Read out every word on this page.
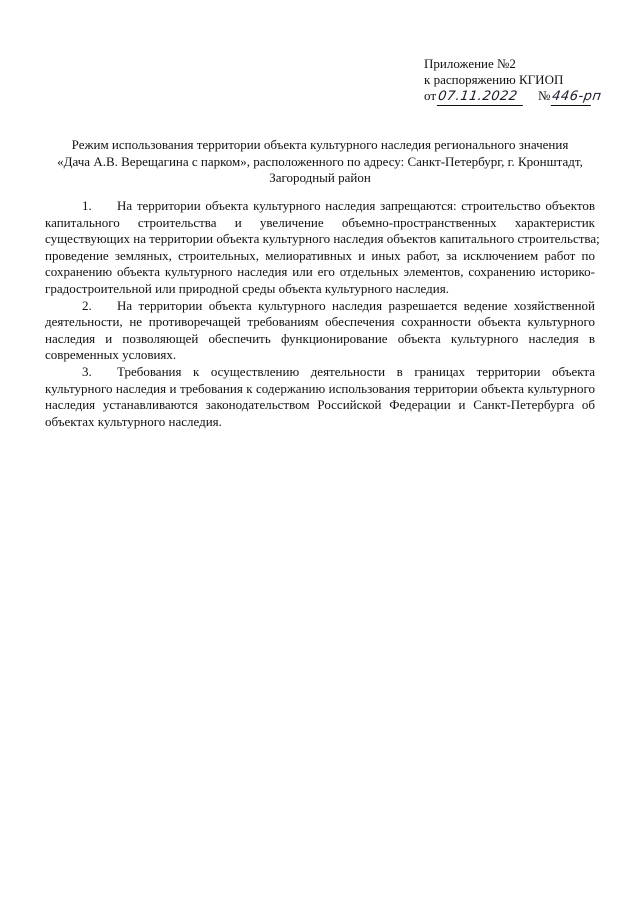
Приложение №2
к распоряжению КГИОП
от07.11.2022 №446-рп
Режим использования территории объекта культурного наследия регионального значения
«Дача А.В. Верещагина с парком», расположенного по адресу: Санкт-Петербург, г. Кронштадт,
Загородный район
1. На территории объекта культурного наследия запрещаются: строительство объектов
капитального строительства и увеличение объемно-пространственных характеристик
существующих на территории объекта культурного наследия объектов капитального строительства;
проведение земляных, строительных, мелиоративных и иных работ, за исключением работ по
сохранению объекта культурного наследия или его отдельных элементов, сохранению историко-
градостроительной или природной среды объекта культурного наследия.
2. На территории объекта культурного наследия разрешается ведение хозяйственной
деятельности, не противоречащей требованиям обеспечения сохранности объекта культурного
наследия и позволяющей обеспечить функционирование объекта культурного наследия в
современных условиях.
3. Требования к осуществлению деятельности в границах территории объекта
культурного наследия и требования к содержанию использования территории объекта культурного
наследия устанавливаются законодательством Российской Федерации и Санкт-Петербурга об
объектах культурного наследия.
